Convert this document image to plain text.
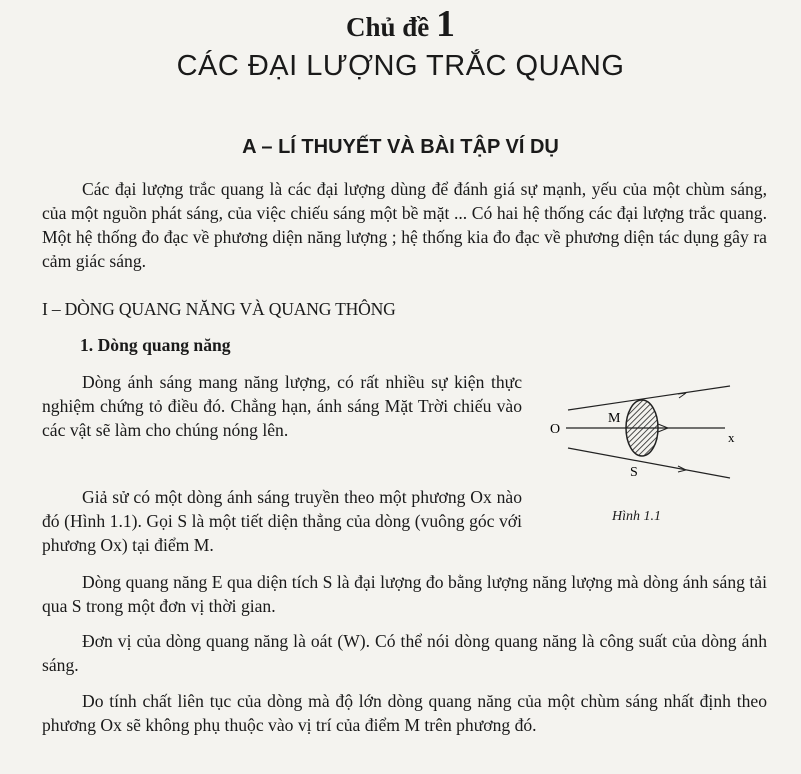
Chủ đề 1
CÁC ĐẠI LƯỢNG TRẮC QUANG
A – LÍ THUYẾT VÀ BÀI TẬP VÍ DỤ

Các đại lượng trắc quang là các đại lượng dùng để đánh giá sự mạnh, yếu của một chùm sáng, của một nguồn phát sáng, của việc chiếu sáng một bề mặt ... Có hai hệ thống các đại lượng trắc quang. Một hệ thống đo đạc về phương diện năng lượng ; hệ thống kia đo đạc về phương diện tác dụng gây ra cảm giác sáng.

I – DÒNG QUANG NĂNG VÀ QUANG THÔNG
1. Dòng quang năng

Dòng ánh sáng mang năng lượng, có rất nhiều sự kiện thực nghiệm chứng tỏ điều đó. Chẳng hạn, ánh sáng Mặt Trời chiếu vào các vật sẽ làm cho chúng nóng lên.

Giả sử có một dòng ánh sáng truyền theo một phương Ox nào đó (Hình 1.1). Gọi S là một tiết diện thẳng của dòng (vuông góc với phương Ox) tại điểm M.

Dòng quang năng E qua diện tích S là đại lượng đo bằng lượng năng lượng mà dòng ánh sáng tải qua S trong một đơn vị thời gian.

Đơn vị của dòng quang năng là oát (W). Có thể nói dòng quang năng là công suất của dòng ánh sáng.

Do tính chất liên tục của dòng mà độ lớn dòng quang năng của một chùm sáng nhất định theo phương Ox sẽ không phụ thuộc vào vị trí của điểm M trên phương đó.

O
M
S
x
Hình 1.1
